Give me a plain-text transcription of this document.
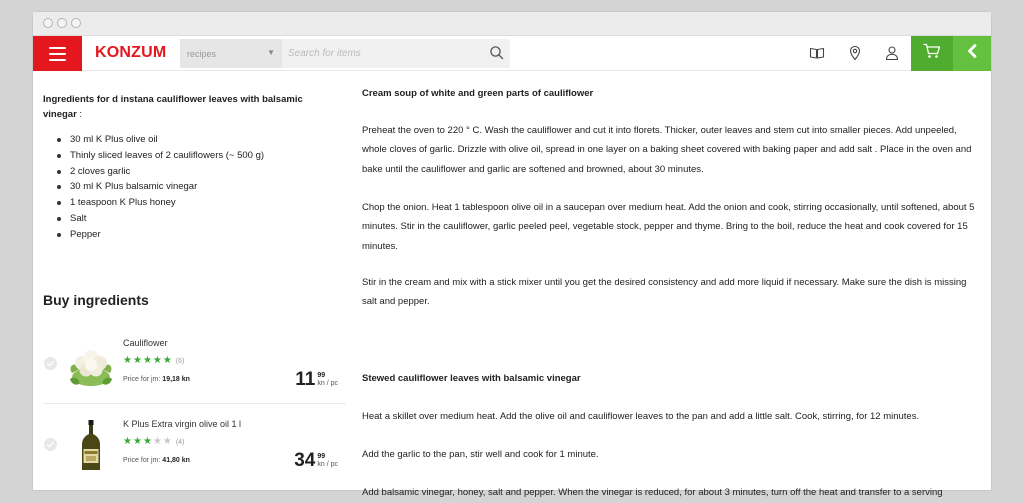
KONZUM	recipes	▼
Search for items
Ingredients for d instana cauliflower leaves with balsamic vinegar :
30 ml K Plus olive oil
Thinly sliced leaves of 2 cauliflowers (~ 500 g)
2 cloves garlic
30 ml K Plus balsamic vinegar
1 teaspoon K Plus honey
Salt
Pepper
Buy ingredients
Cauliflower
★ ★ ★ ★ ★ (6)
Price for jm: 19,18 kn	11 99
kn / pc
K Plus Extra virgin olive oil 1 l
★ ★ ★ ★ ★ (4)
Price for jm: 41,80 kn	34 99
kn / pc
Cream soup of white and green parts of cauliflower

Preheat the oven to 220 ° C. Wash the cauliflower and cut it into florets. Thicker, outer leaves and stem cut into smaller pieces. Add unpeeled, whole cloves of garlic. Drizzle with olive oil, spread in one layer on a baking sheet covered with baking paper and add salt . Place in the oven and bake until the cauliflower and garlic are softened and browned, about 30 minutes.

Chop the onion. Heat 1 tablespoon olive oil in a saucepan over medium heat. Add the onion and cook, stirring occasionally, until softened, about 5 minutes. Stir in the cauliflower, garlic peeled peel, vegetable stock, pepper and thyme. Bring to the boil, reduce the heat and cook covered for 15 minutes.

Stir in the cream and mix with a stick mixer until you get the desired consistency and add more liquid if necessary. Make sure the dish is missing salt and pepper.

Stewed cauliflower leaves with balsamic vinegar

Heat a skillet over medium heat. Add the olive oil and cauliflower leaves to the pan and add a little salt. Cook, stirring, for 12 minutes.

Add the garlic to the pan, stir well and cook for 1 minute.

Add balsamic vinegar, honey, salt and pepper. When the vinegar is reduced, for about 3 minutes, turn off the heat and transfer to a serving
